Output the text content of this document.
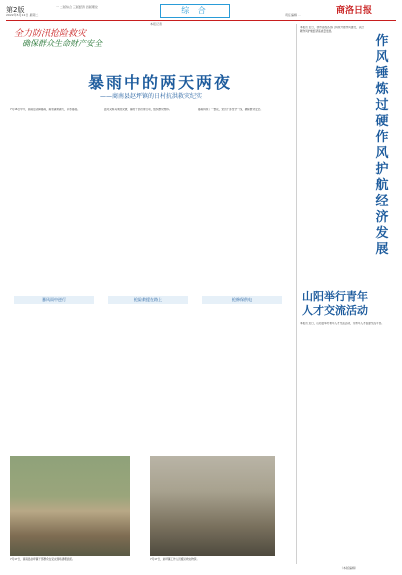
第2版
2022年5月12日 星期二
一 二版综合 三版经济 四版理论	综 合	责任编辑 ···	商洛日报
全力防汛抢险救灾
确保群众生命财产安全
本报记者
暴雨中的两天两夜
——商南县赵坪镇的日村抗洪救灾纪实
7月16日中午，商南县突降暴雨，雨势越来越大，河水暴涨。	面对突如其来的灾情，镇村干部迅速行动，组织群众转移。	暴雨持续了一整夜，党员干部坚守一线，确保群众安全。
暴风雨中逆行	抢险救援在路上	抢修保供电
7月17日，商南县赵坪镇干部群众在受灾现场清理淤泥。	7月17日，赵坪镇工作人员搬运救灾物资。
本报讯 近日，我市各级各部门持续开展作风建设，以过硬作风护航经济高质量发展。
作 风 锤 炼 过 硬 作 风 护 航 经 济 发 展
山阳举行青年
人才交流活动
本报讯 近日，山阳县举办青年人才交流活动，为青年人才搭建交流平台。
（本版编辑）
